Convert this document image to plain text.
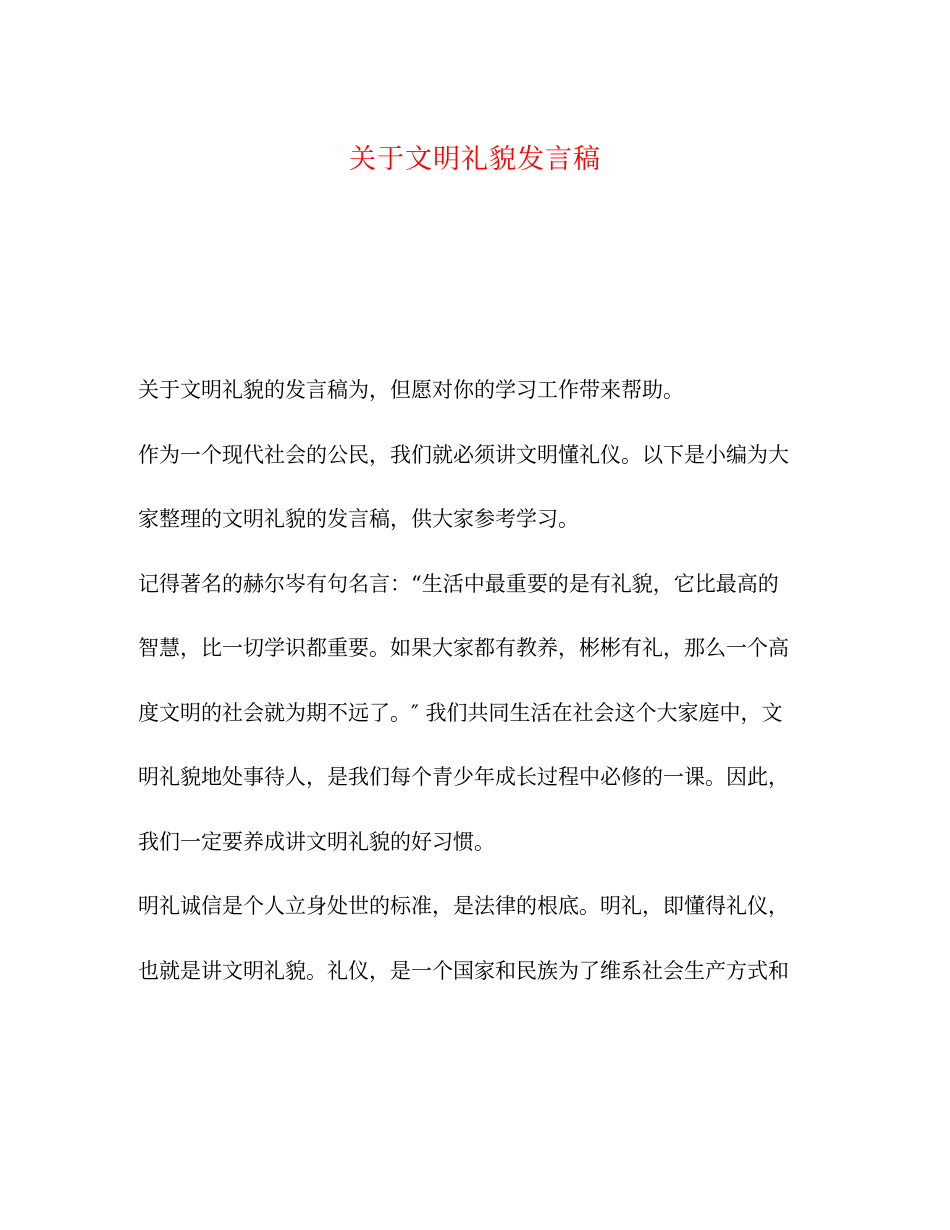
关于文明礼貌发言稿
关于文明礼貌的发言稿为，但愿对你的学习工作带来帮助。
作为一个现代社会的公民，我们就必须讲文明懂礼仪。以下是小编为大
家整理的文明礼貌的发言稿，供大家参考学习。
记得著名的赫尔岑有句名言：“生活中最重要的是有礼貌，它比最高的
智慧，比一切学识都重要。如果大家都有教养，彬彬有礼，那么一个高
度文明的社会就为期不远了。″ 我们共同生活在社会这个大家庭中，文
明礼貌地处事待人，是我们每个青少年成长过程中必修的一课。因此，
我们一定要养成讲文明礼貌的好习惯。
明礼诚信是个人立身处世的标准，是法律的根底。明礼，即懂得礼仪，
也就是讲文明礼貌。礼仪，是一个国家和民族为了维系社会生产方式和
